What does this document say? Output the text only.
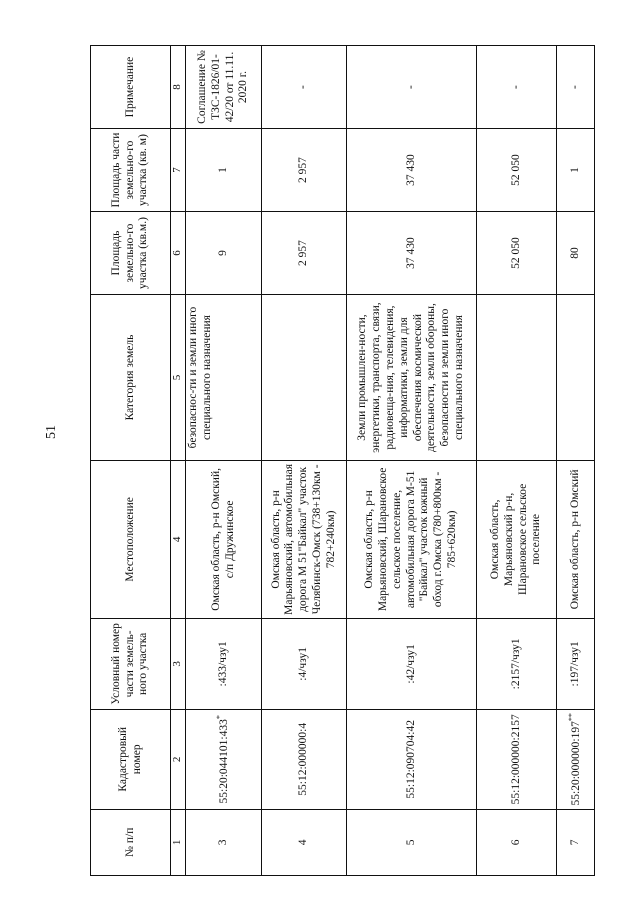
51
№ п/п	Кадастровый номер	Условный номер части земель-ного участка	Местоположение	Категория земель	Площадь земельно-го участка (кв.м.)	Площадь части земельно-го участка (кв. м)	Примечание
1	2	3	4	5	6	7	8
3	55:20:044101:433*	:433/чзу1	Омская область, р-н Омский, с/п Дружинское	безопаснос-ти и земли иного специального назначения	9	1	Соглашение № ТЗС-1826/01-42/20 от 11.11. 2020 г.
4	55:12:000000:4	:4/чзу1	Омская область, р-н Марьяновский, автомобильная дорога М 51"Байкал" участок Челябинск-Омск (738+130км - 782+240км)		2 957	2 957	-
5	55:12:090704:42	:42/чзу1	Омская область, р-н Марьяновский, Шарановское сельское поселение, автомобильная дорога М-51 "Байкал" участок южный обход г.Омска (780+800км - 785+620км)	Земли промышлен-ности, энергетики, транспорта, связи, радиовеща-ния, телевидения, информатики, земли для обеспечения космической деятельности, земли обороны, безопасности и земли иного специального назначения	37 430	37 430	-
6	55:12:000000:2157	:2157/чзу1	Омская область, Марьяновский р-н, Шарановское сельское поселение		52 050	52 050	-
7	55:20:000000:197**	:197/чзу1	Омская область, р-н Омский		80	1	-
